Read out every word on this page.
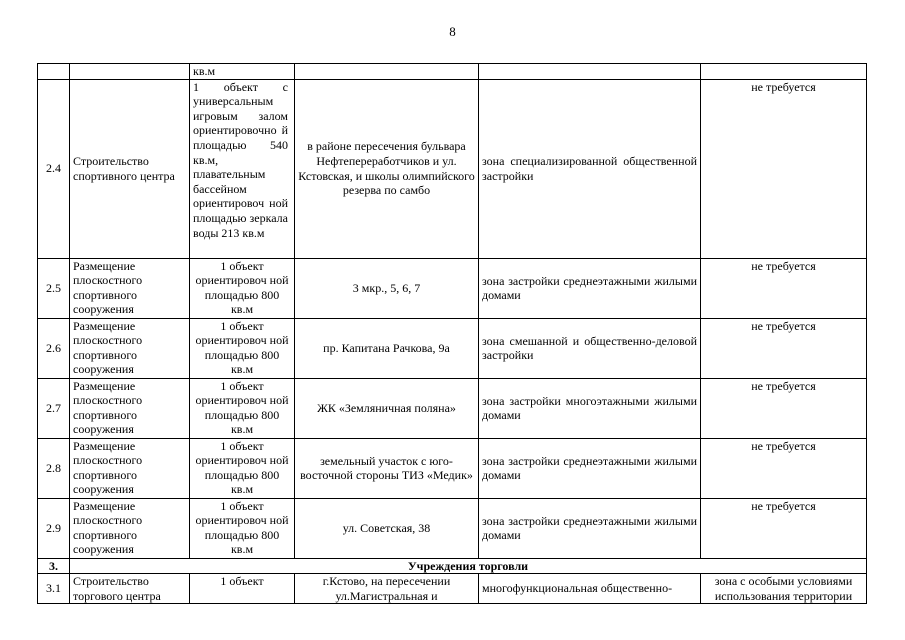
8
		кв.м			
2.4	Строительство спортивного центра	1 объект с универсальным игровым залом ориентировочно й площадью 540 кв.м, плавательным бассейном ориентировоч ной площадью зеркала воды 213 кв.м	в районе пересечения бульвара Нефтепереработчиков и ул. Кстовская, и школы олимпийского резерва по самбо	зона специализированной общественной застройки	не требуется
2.5	Размещение плоскостного спортивного сооружения	1 объект ориентировоч ной площадью 800 кв.м	3 мкр., 5, 6, 7	зона застройки среднеэтажными жилыми домами	не требуется
2.6	Размещение плоскостного спортивного сооружения	1 объект ориентировоч ной площадью 800 кв.м	пр. Капитана Рачкова, 9а	зона смешанной и общественно-деловой застройки	не требуется
2.7	Размещение плоскостного спортивного сооружения	1 объект ориентировоч ной площадью 800 кв.м	ЖК «Земляничная поляна»	зона застройки многоэтажными жилыми домами	не требуется
2.8	Размещение плоскостного спортивного сооружения	1 объект ориентировоч ной площадью 800 кв.м	земельный участок с юго-восточной стороны ТИЗ «Медик»	зона застройки среднеэтажными жилыми домами	не требуется
2.9	Размещение плоскостного спортивного сооружения	1 объект ориентировоч ной площадью 800 кв.м	ул. Советская, 38	зона застройки среднеэтажными жилыми домами	не требуется
3.	Учреждения торговли				
3.1	Строительство торгового центра	1 объект	г.Кстово, на пересечении ул.Магистральная и	многофункциональная общественно-	зона с особыми условиями использования территории
